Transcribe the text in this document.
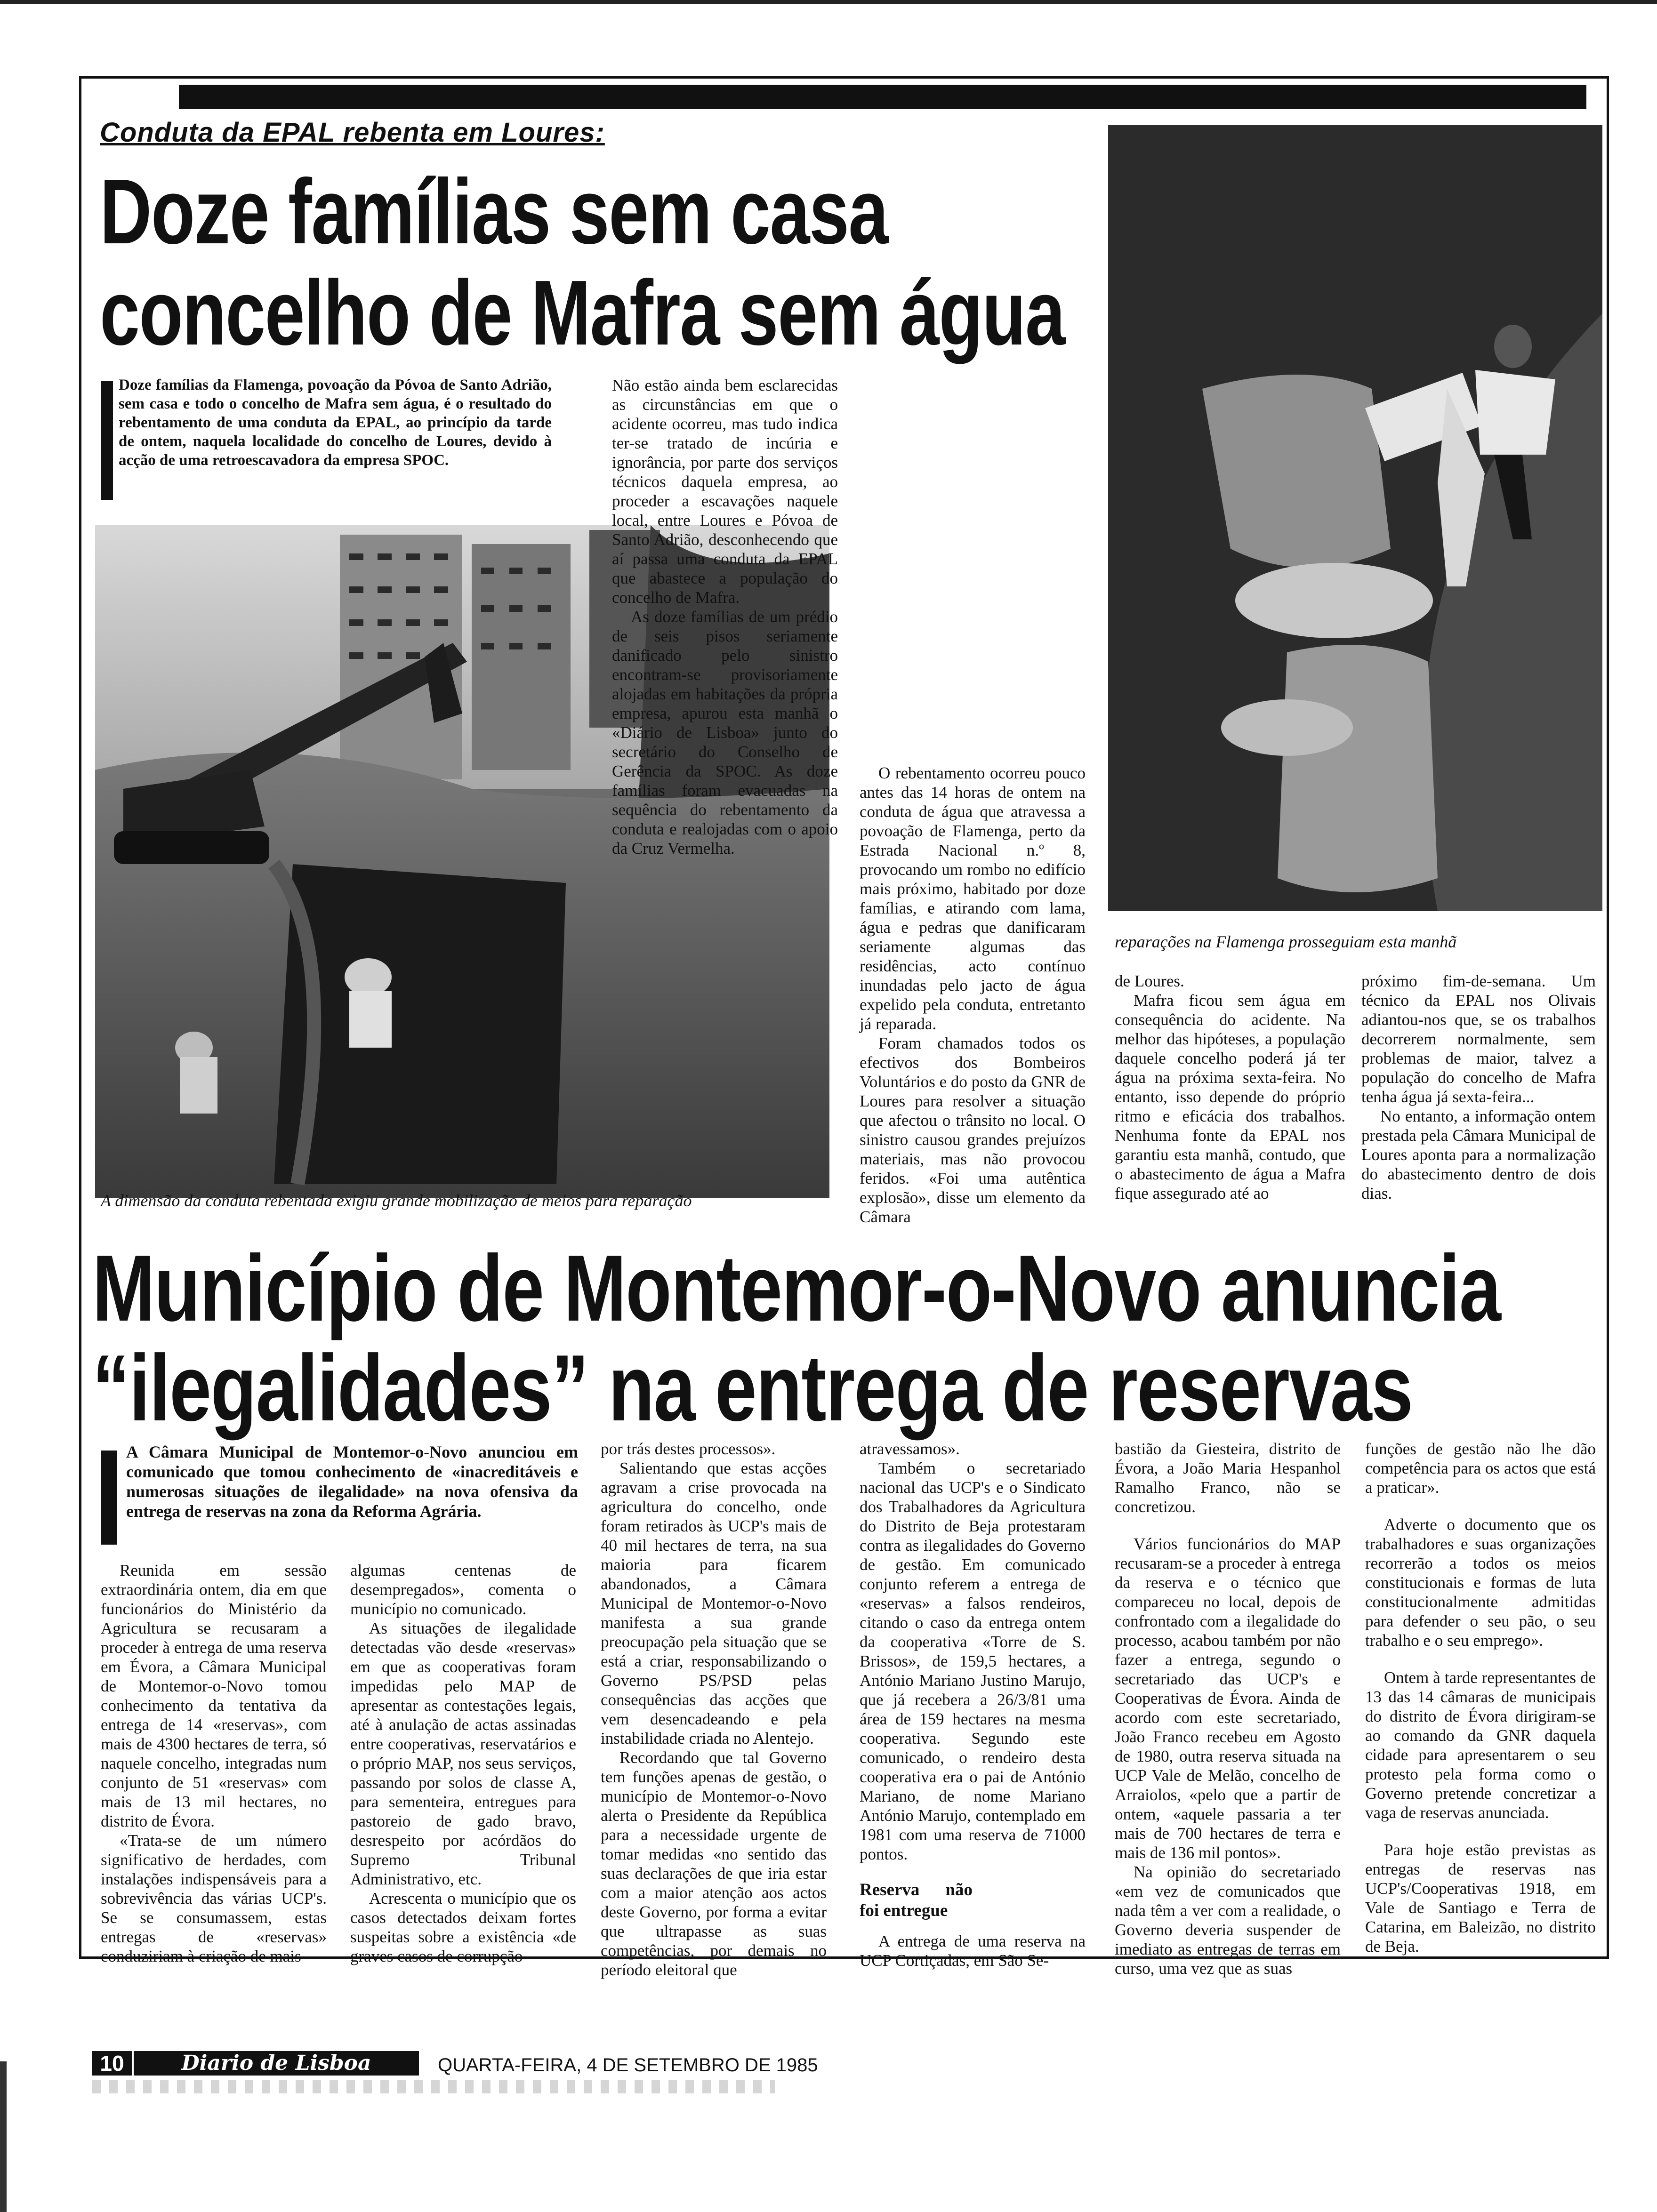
Conduta da EPAL rebenta em Loures:
Doze famílias sem casa
concelho de Mafra sem água
Doze famílias da Flamenga, povoação da Póvoa de Santo Adrião, sem casa e todo o concelho de Mafra sem água, é o resultado do rebentamento de uma conduta da EPAL, ao princípio da tarde de ontem, naquela localidade do concelho de Loures, devido à acção de uma retroescavadora da empresa SPOC.
A dimensão da conduta rebentada exigiu grande mobilização de meios para reparação

Não estão ainda bem esclarecidas as circunstâncias em que o acidente ocorreu, mas tudo indica ter-se tratado de incúria e ignorância, por parte dos serviços técnicos daquela empresa, ao proceder a escavações naquele local, entre Loures e Póvoa de Santo Adrião, desconhecendo que aí passa uma conduta da EPAL que abastece a população do concelho de Mafra.

As doze famílias de um prédio de seis pisos seriamente danificado pelo sinistro encontram-se provisoriamente alojadas em habitações da própria empresa, apurou esta manhã o «Diário de Lisboa» junto do secretário do Conselho de Gerência da SPOC. As doze famílias foram evacuadas na sequência do rebentamento da conduta e realojadas com o apoio da Cruz Vermelha.

O rebentamento ocorreu pouco antes das 14 horas de ontem na conduta de água que atravessa a povoação de Flamenga, perto da Estrada Nacional n.º 8, provocando um rombo no edifício mais próximo, habitado por doze famílias, e atirando com lama, água e pedras que danificaram seriamente algumas das residências, acto contínuo inundadas pelo jacto de água expelido pela conduta, entretanto já reparada.

Foram chamados todos os efectivos dos Bombeiros Voluntários e do posto da GNR de Loures para resolver a situação que afectou o trânsito no local. O sinistro causou grandes prejuízos materiais, mas não provocou feridos. «Foi uma autêntica explosão», disse um elemento da Câmara

reparações na Flamenga prosseguiam esta manhã

de Loures.

Mafra ficou sem água em consequência do acidente. Na melhor das hipóteses, a população daquele concelho poderá já ter água na próxima sexta-feira. No entanto, isso depende do próprio ritmo e eficácia dos trabalhos. Nenhuma fonte da EPAL nos garantiu esta manhã, contudo, que o abastecimento de água a Mafra fique assegurado até ao

próximo fim-de-semana. Um técnico da EPAL nos Olivais adiantou-nos que, se os trabalhos decorrerem normalmente, sem problemas de maior, talvez a população do concelho de Mafra tenha água já sexta-feira...

No entanto, a informação ontem prestada pela Câmara Municipal de Loures aponta para a normalização do abastecimento dentro de dois dias.

Município de Montemor-o-Novo anuncia
“ilegalidades” na entrega de reservas
A Câmara Municipal de Montemor-o-Novo anunciou em comunicado que tomou conhecimento de «inacreditáveis e numerosas situações de ilegalidade» na nova ofensiva da entrega de reservas na zona da Reforma Agrária.

Reunida em sessão extraordinária ontem, dia em que funcionários do Ministério da Agricultura se recusaram a proceder à entrega de uma reserva em Évora, a Câmara Municipal de Montemor-o-Novo tomou conhecimento da tentativa da entrega de 14 «reservas», com mais de 4300 hectares de terra, só naquele concelho, integradas num conjunto de 51 «reservas» com mais de 13 mil hectares, no distrito de Évora.

«Trata-se de um número significativo de herdades, com instalações indispensáveis para a sobrevivência das várias UCP's. Se se consumassem, estas entregas de «reservas» conduziriam à criação de mais

algumas centenas de desempregados», comenta o município no comunicado.

As situações de ilegalidade detectadas vão desde «reservas» em que as cooperativas foram impedidas pelo MAP de apresentar as contestações legais, até à anulação de actas assinadas entre cooperativas, reservatários e o próprio MAP, nos seus serviços, passando por solos de classe A, para sementeira, entregues para pastoreio de gado bravo, desrespeito por acórdãos do Supremo Tribunal Administrativo, etc.

Acrescenta o município que os casos detectados deixam fortes suspeitas sobre a existência «de graves casos de corrupção

por trás destes processos».

Salientando que estas acções agravam a crise provocada na agricultura do concelho, onde foram retirados às UCP's mais de 40 mil hectares de terra, na sua maioria para ficarem abandonados, a Câmara Municipal de Montemor-o-Novo manifesta a sua grande preocupação pela situação que se está a criar, responsabilizando o Governo PS/PSD pelas consequências das acções que vem desencadeando e pela instabilidade criada no Alentejo.

Recordando que tal Governo tem funções apenas de gestão, o município de Montemor-o-Novo alerta o Presidente da República para a necessidade urgente de tomar medidas «no sentido das suas declarações de que iria estar com a maior atenção aos actos deste Governo, por forma a evitar que ultrapasse as suas competências, por demais no período eleitoral que

atravessamos».

Também o secretariado nacional das UCP's e o Sindicato dos Trabalhadores da Agricultura do Distrito de Beja protestaram contra as ilegalidades do Governo de gestão. Em comunicado conjunto referem a entrega de «reservas» a falsos rendeiros, citando o caso da entrega ontem da cooperativa «Torre de S. Brissos», de 159,5 hectares, a António Mariano Justino Marujo, que já recebera a 26/3/81 uma área de 159 hectares na mesma cooperativa. Segundo este comunicado, o rendeiro desta cooperativa era o pai de António Mariano, de nome Mariano António Marujo, contemplado em 1981 com uma reserva de 71000 pontos.

Reserva não foi entregue

A entrega de uma reserva na UCP Cortiçadas, em São Se-

bastião da Giesteira, distrito de Évora, a João Maria Hespanhol Ramalho Franco, não se concretizou.

Vários funcionários do MAP recusaram-se a proceder à entrega da reserva e o técnico que compareceu no local, depois de confrontado com a ilegalidade do processo, acabou também por não fazer a entrega, segundo o secretariado das UCP's e Cooperativas de Évora. Ainda de acordo com este secretariado, João Franco recebeu em Agosto de 1980, outra reserva situada na UCP Vale de Melão, concelho de Arraiolos, «pelo que a partir de ontem, «aquele passaria a ter mais de 700 hectares de terra e mais de 136 mil pontos».

Na opinião do secretariado «em vez de comunicados que nada têm a ver com a realidade, o Governo deveria suspender de imediato as entregas de terras em curso, uma vez que as suas

funções de gestão não lhe dão competência para os actos que está a praticar».

Adverte o documento que os trabalhadores e suas organizações recorrerão a todos os meios constitucionais e formas de luta constitucionalmente admitidas para defender o seu pão, o seu trabalho e o seu emprego».

Ontem à tarde representantes de 13 das 14 câmaras de municipais do distrito de Évora dirigiram-se ao comando da GNR daquela cidade para apresentarem o seu protesto pela forma como o Governo pretende concretizar a vaga de reservas anunciada.

Para hoje estão previstas as entregas de reservas nas UCP's/Cooperativas 1918, em Vale de Santiago e Terra de Catarina, em Baleizão, no distrito de Beja.

10	Diario de Lisboa	QUARTA-FEIRA, 4 DE SETEMBRO DE 1985
